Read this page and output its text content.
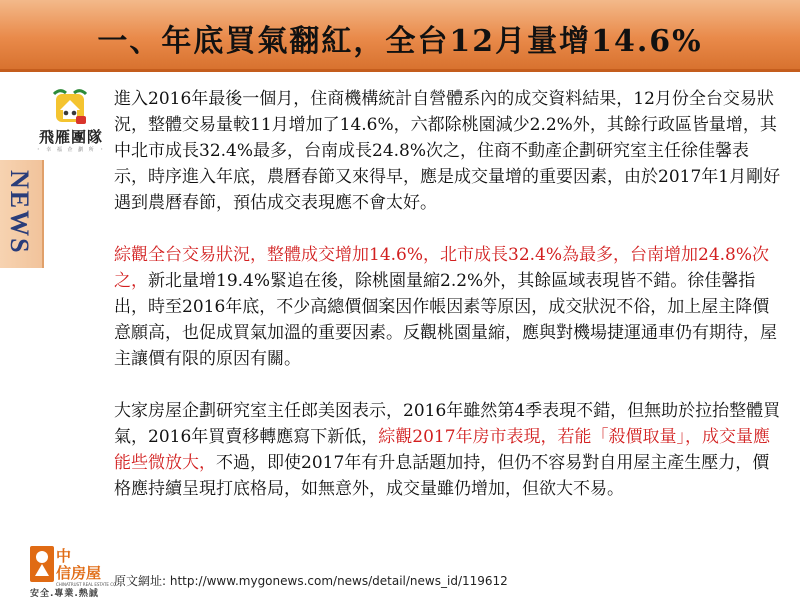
一、年底買氣翻紅，全台12月量增14.6%
飛雁團隊
・ 幸 福 企 劃 所 ・
NEWS

進入2016年最後一個月，住商機構統計自營體系內的成交資料結果，12月份全台交易狀況，整體交易量較11月增加了14.6%，六都除桃園減少2.2%外，其餘行政區皆量增，其中北市成長32.4%最多，台南成長24.8%次之，住商不動產企劃研究室主任徐佳馨表示，時序進入年底，農曆春節又來得早，應是成交量增的重要因素，由於2017年1月剛好遇到農曆春節，預估成交表現應不會太好。

綜觀全台交易狀況，整體成交增加14.6%，北市成長32.4%為最多，台南增加24.8%次之，新北量增19.4%緊追在後，除桃園量縮2.2%外，其餘區域表現皆不錯。徐佳馨指出，時至2016年底，不少高總價個案因作帳因素等原因，成交狀況不俗，加上屋主降價意願高，也促成買氣加溫的重要因素。反觀桃園量縮，應與對機場捷運通車仍有期待，屋主讓價有限的原因有關。

大家房屋企劃研究室主任郎美囡表示，2016年雖然第4季表現不錯，但無助於拉抬整體買氣，2016年買賣移轉應寫下新低，綜觀2017年房市表現，若能「殺價取量」，成交量應能些微放大，不過，即使2017年有升息話題加持，但仍不容易對自用屋主產生壓力，價格應持續呈現打底格局，如無意外，成交量雖仍增加，但欲大不易。

中
信房屋
CHINATRUST REAL ESTATE CO.
安全.專業.熱誠
原文網址: http://www.mygonews.com/news/detail/news_id/119612
